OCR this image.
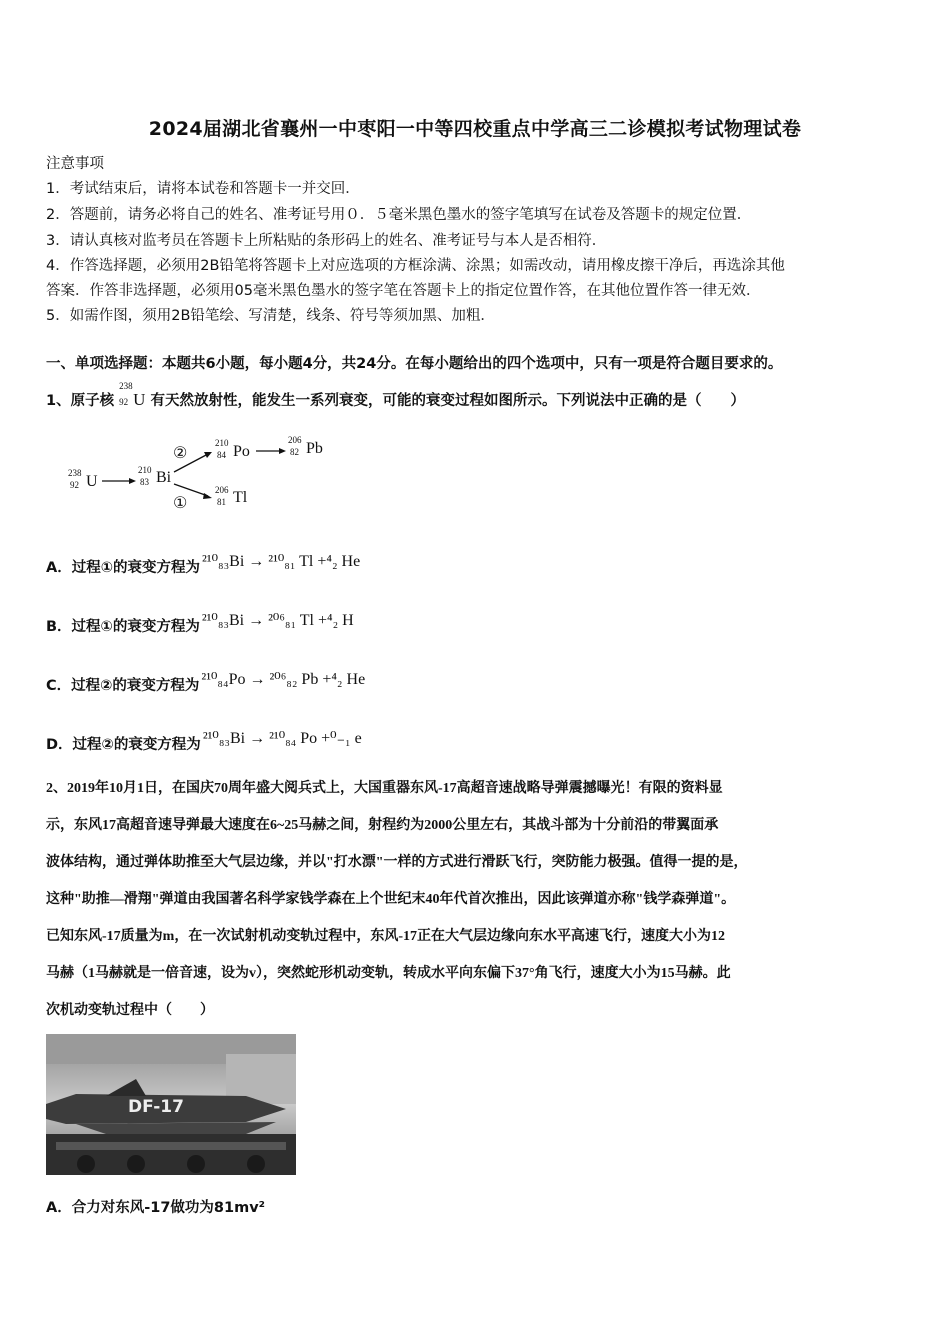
2024届湖北省襄州一中枣阳一中等四校重点中学高三二诊模拟考试物理试卷
注意事项
1．考试结束后，请将本试卷和答题卡一并交回．
2．答题前，请务必将自己的姓名、准考证号用０．５毫米黑色墨水的签字笔填写在试卷及答题卡的规定位置．
3．请认真核对监考员在答题卡上所粘贴的条形码上的姓名、准考证号与本人是否相符．
4．作答选择题，必须用2B铅笔将答题卡上对应选项的方框涂满、涂黑；如需改动，请用橡皮擦干净后，再选涂其他
答案．作答非选择题，必须用05毫米黑色墨水的签字笔在答题卡上的指定位置作答，在其他位置作答一律无效．
5．如需作图，须用2B铅笔绘、写清楚，线条、符号等须加黑、加粗．
一、单项选择题：本题共6小题，每小题4分，共24分。在每小题给出的四个选项中，只有一项是符合题目要求的。
1、原子核
238
92 U 有天然放射性，能发生一系列衰变，可能的衰变过程如图所示。下列说法中正确的是（　　）
238
92 U
210
83 Bi
②
①
210
84 Po
206
82 Pb
206
81 Tl
A．过程①的衰变方程为 ²¹⁰₈₃Bi → ²¹⁰₈₁ Tl +⁴₂ He
B．过程①的衰变方程为 ²¹⁰₈₃Bi → ²⁰⁶₈₁ Tl +⁴₂ H
C．过程②的衰变方程为 ²¹⁰₈₄Po → ²⁰⁶₈₂ Pb +⁴₂ He
D．过程②的衰变方程为 ²¹⁰₈₃Bi → ²¹⁰₈₄ Po +⁰₋₁ e
2、2019年10月1日，在国庆70周年盛大阅兵式上，大国重器东风-17高超音速战略导弹震撼曝光！有限的资料显
示，东风17高超音速导弹最大速度在6~25马赫之间，射程约为2000公里左右，其战斗部为十分前沿的带翼面承
波体结构，通过弹体助推至大气层边缘，并以"打水漂"一样的方式进行滑跃飞行，突防能力极强。值得一提的是，
这种"助推—滑翔"弹道由我国著名科学家钱学森在上个世纪末40年代首次推出，因此该弹道亦称"钱学森弹道"。
已知东风-17质量为m，在一次试射机动变轨过程中，东风-17正在大气层边缘向东水平高速飞行，速度大小为12
马赫（1马赫就是一倍音速，设为v），突然蛇形机动变轨，转成水平向东偏下37°角飞行，速度大小为15马赫。此
次机动变轨过程中（　　）
DF-17
A．合力对东风-17做功为81mv²
